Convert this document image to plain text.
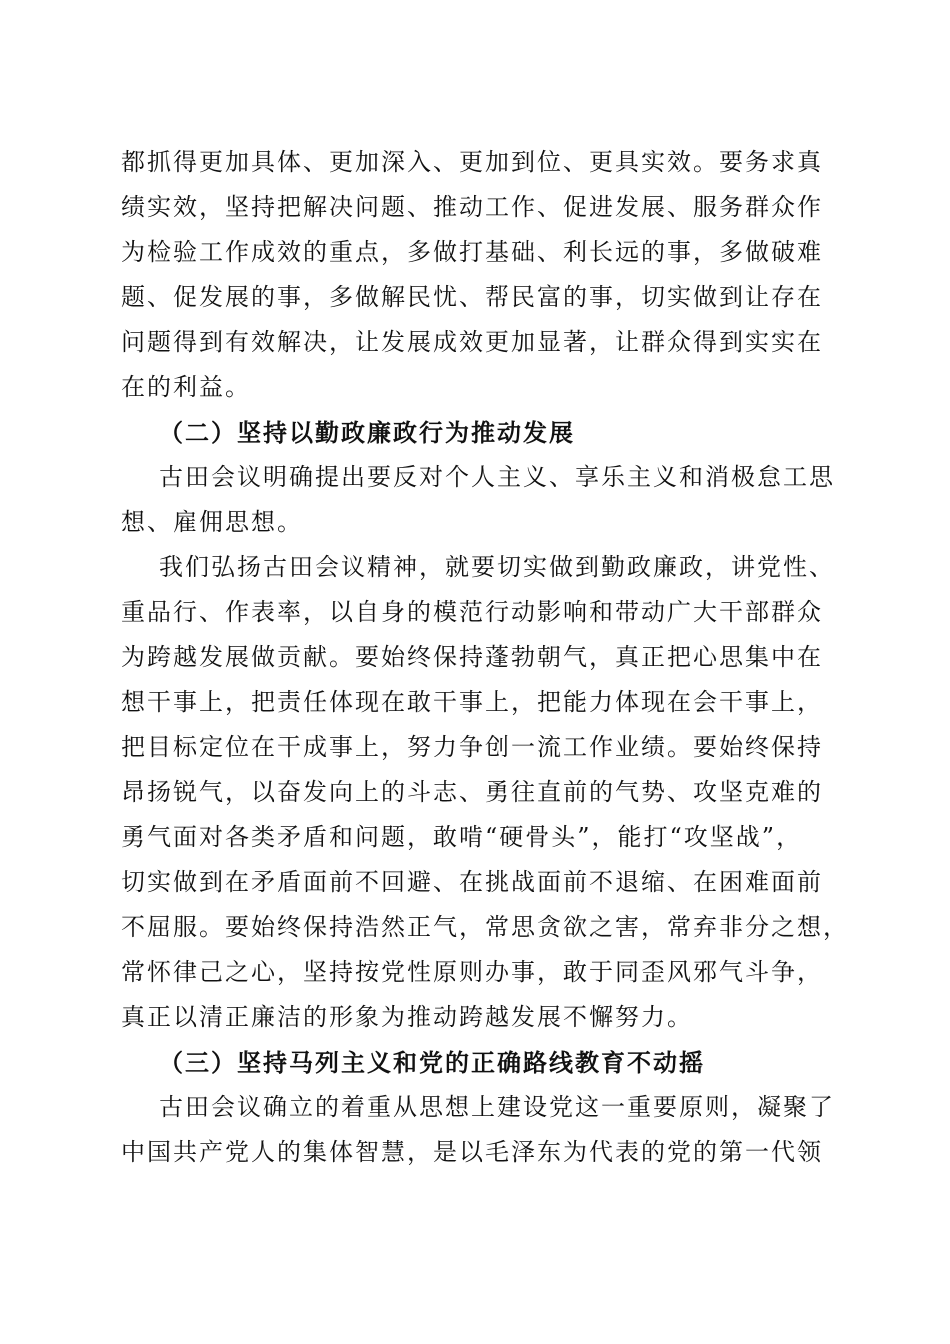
都抓得更加具体、更加深入、更加到位、更具实效。要务求真
绩实效，坚持把解决问题、推动工作、促进发展、服务群众作
为检验工作成效的重点，多做打基础、利长远的事，多做破难
题、促发展的事，多做解民忧、帮民富的事，切实做到让存在
问题得到有效解决，让发展成效更加显著，让群众得到实实在
在的利益。
（二）坚持以勤政廉政行为推动发展
古田会议明确提出要反对个人主义、享乐主义和消极怠工思
想、雇佣思想。
我们弘扬古田会议精神，就要切实做到勤政廉政，讲党性、
重品行、作表率，以自身的模范行动影响和带动广大干部群众
为跨越发展做贡献。要始终保持蓬勃朝气，真正把心思集中在
想干事上，把责任体现在敢干事上，把能力体现在会干事上，
把目标定位在干成事上，努力争创一流工作业绩。要始终保持
昂扬锐气，以奋发向上的斗志、勇往直前的气势、攻坚克难的
勇气面对各类矛盾和问题，敢啃“硬骨头”，能打“攻坚战”，
切实做到在矛盾面前不回避、在挑战面前不退缩、在困难面前
不屈服。要始终保持浩然正气，常思贪欲之害，常弃非分之想，
常怀律己之心，坚持按党性原则办事，敢于同歪风邪气斗争，
真正以清正廉洁的形象为推动跨越发展不懈努力。
（三）坚持马列主义和党的正确路线教育不动摇
古田会议确立的着重从思想上建设党这一重要原则，凝聚了
中国共产党人的集体智慧，是以毛泽东为代表的党的第一代领
